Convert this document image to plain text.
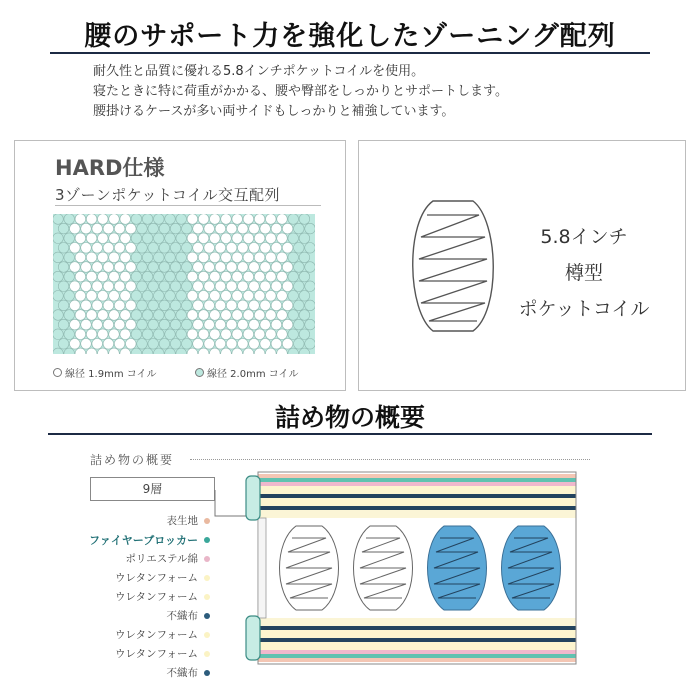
腰のサポート力を強化したゾーニング配列
耐久性と品質に優れる5.8インチポケットコイルを使用。
寝たときに特に荷重がかかる、腰や臀部をしっかりとサポートします。
腰掛けるケースが多い両サイドもしっかりと補強しています。
HARD仕様
3ゾーンポケットコイル交互配列
線径 1.9mm コイル	線径 2.0mm コイル
5.8インチ
樽型
ポケットコイル
詰め物の概要
詰め物の概要
9層
表生地
ファイヤーブロッカー
ポリエステル綿
ウレタンフォーム
ウレタンフォーム
不織布
ウレタンフォーム
ウレタンフォーム
不織布
